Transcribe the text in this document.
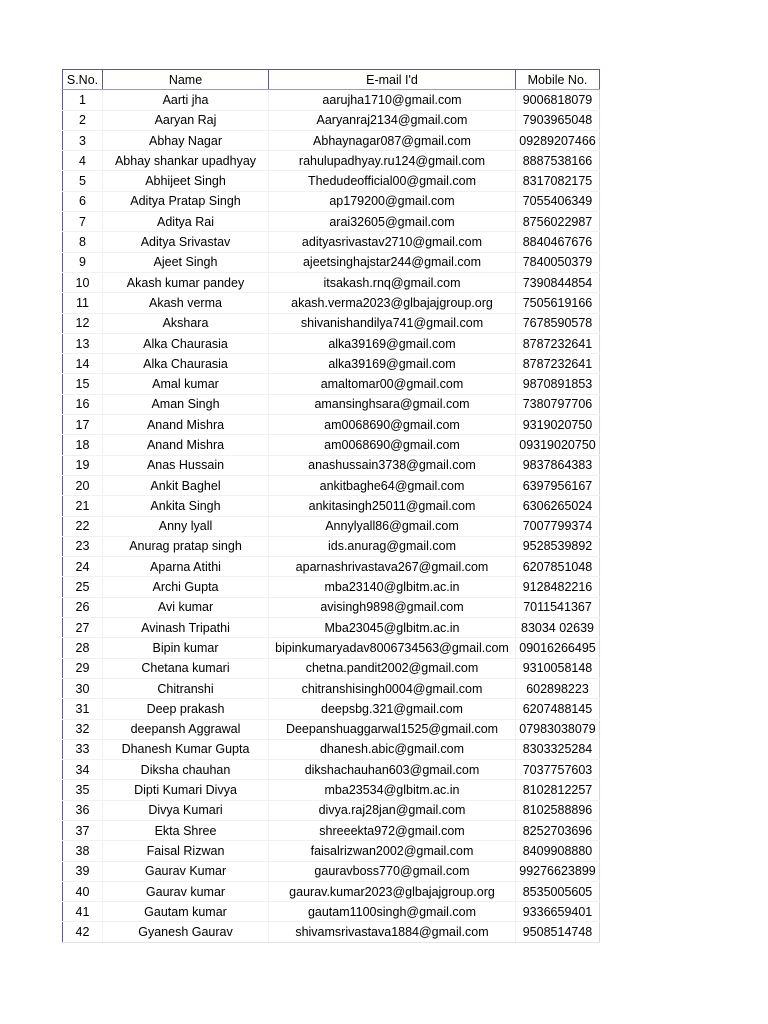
S.No.	Name	E-mail I'd	Mobile No.
1	Aarti jha	aarujha1710@gmail.com	9006818079
2	Aaryan Raj	Aaryanraj2134@gmail.com	7903965048
3	Abhay Nagar	Abhaynagar087@gmail.com	09289207466
4	Abhay shankar upadhyay	rahulupadhyay.ru124@gmail.com	8887538166
5	Abhijeet Singh	Thedudeofficial00@gmail.com	8317082175
6	Aditya Pratap Singh	ap179200@gmail.com	7055406349
7	Aditya Rai	arai32605@gmail.com	8756022987
8	Aditya Srivastav	adityasrivastav2710@gmail.com	8840467676
9	Ajeet Singh	ajeetsinghajstar244@gmail.com	7840050379
10	Akash kumar pandey	itsakash.rnq@gmail.com	7390844854
11	Akash verma	akash.verma2023@glbajajgroup.org	7505619166
12	Akshara	shivanishandilya741@gmail.com	7678590578
13	Alka Chaurasia	alka39169@gmail.com	8787232641
14	Alka Chaurasia	alka39169@gmail.com	8787232641
15	Amal kumar	amaltomar00@gmail.com	9870891853
16	Aman Singh	amansinghsara@gmail.com	7380797706
17	Anand Mishra	am0068690@gmail.com	9319020750
18	Anand Mishra	am0068690@gmail.com	09319020750
19	Anas Hussain	anashussain3738@gmail.com	9837864383
20	Ankit Baghel	ankitbaghe64@gmail.com	6397956167
21	Ankita Singh	ankitasingh25011@gmail.com	6306265024
22	Anny lyall	Annylyall86@gmail.com	7007799374
23	Anurag pratap singh	ids.anurag@gmail.com	9528539892
24	Aparna Atithi	aparnashrivastava267@gmail.com	6207851048
25	Archi Gupta	mba23140@glbitm.ac.in	9128482216
26	Avi kumar	avisingh9898@gmail.com	7011541367
27	Avinash Tripathi	Mba23045@glbitm.ac.in	83034 02639
28	Bipin kumar	bipinkumaryadav8006734563@gmail.com	09016266495
29	Chetana kumari	chetna.pandit2002@gmail.com	9310058148
30	Chitranshi	chitranshisingh0004@gmail.com	602898223
31	Deep prakash	deepsbg.321@gmail.com	6207488145
32	deepansh Aggrawal	Deepanshuaggarwal1525@gmail.com	07983038079
33	Dhanesh Kumar Gupta	dhanesh.abic@gmail.com	8303325284
34	Diksha chauhan	dikshachauhan603@gmail.com	7037757603
35	Dipti Kumari Divya	mba23534@glbitm.ac.in	8102812257
36	Divya Kumari	divya.raj28jan@gmail.com	8102588896
37	Ekta Shree	shreeekta972@gmail.com	8252703696
38	Faisal Rizwan	faisalrizwan2002@gmail.com	8409908880
39	Gaurav Kumar	gauravboss770@gmail.com	99276623899
40	Gaurav kumar	gaurav.kumar2023@glbajajgroup.org	8535005605
41	Gautam kumar	gautam1100singh@gmail.com	9336659401
42	Gyanesh Gaurav	shivamsrivastava1884@gmail.com	9508514748
